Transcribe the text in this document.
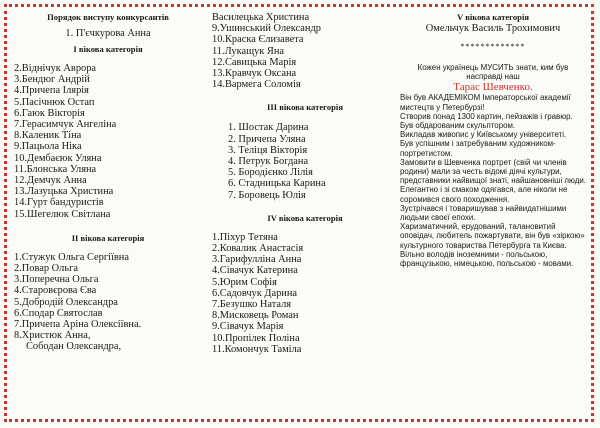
Порядок виступу конкурсантів
1. П'єчкурова Анна
I вікова категорія
2.Віднічук Аврора
3.Бендюг Андрій
4.Причепа Ілярія
5.Пасічнюк Остап
6.Гаюк Вікторія
7.Герасимчук Ангеліна
8.Каленик Тіна
9.Пацьола Ніка
10.Дембаєюк Уляна
11.Блонська Уляна
12.Демчук Анна
13.Лазуцька Христина
14.Гурт бандуристів
15.Шегелюк Світлана
II вікова категорія
1.Стужук Ольга Сергіївна
2.Повар Ольга
3.Поперечна Ольга
4.Старовєрова Єва
5.Добродій Олександра
6.Сподар Святослав
7.Причепа Аріна Олексіївна.
8.Христюк Анна,
Cободан Олександра,
Василецька Христина
9.Ушинський Олександр
10.Краска Єлизавета
11.Лукащук Яна
12.Савицька Марія
13.Кравчук Оксана
14.Вармега Соломія
III вікова категорія
1. Шостак Дарина
2. Причепа Уляна
3. Теліця Вікторія
4. Петрук Богдана
5. Бородієнко Лілія
6. Стадницька Карина
7. Боровець Юлія
IV вікова категорія
1.Піхур Тетяна
2.Ковалик Анастасія
3.Гарифулліна Анна
4.Сівачук Катерина
5.Юрим Софія
6.Садовчук Дарина
7.Безушко Наталя
8.Мисковець Роман
9.Сівачук Марія
10.Пропілек Поліна
11.Комончук Таміла
V вікова категорія
Омельчук Василь Трохимович
*************

Кожен українець МУСИТЬ знати, ким був

насправді наш

Тарас Шевченко.
Він був АКАДЕМІКОМ Імператорської академії мистецтв у Петербурзі!
Створив понад 1300 картин, пейзажів і гравюр.
Був обдарованим скульптором.
Викладав живопис у Київському університеті.
Був успішним і затребуваним художником-портретистом.
Замовити в Шевченка портрет (свій чи членів родини) мали за честь відомі діячі культури, представники найвищої знаті, найшановніші люди.
Елегантно і зі смаком одягався, але ніколи не соромився свого походження.
Зустрічався і товаришував з найвидатнішими людьми своєї епохи.
Харизматичний, ерудований, талановитий оповідач, любитель пожартувати, він був «зіркою» культурного товариства Петербурга та Києва.
Вільно володів іноземними - польською, французькою, німецькою, польською - мовами.
